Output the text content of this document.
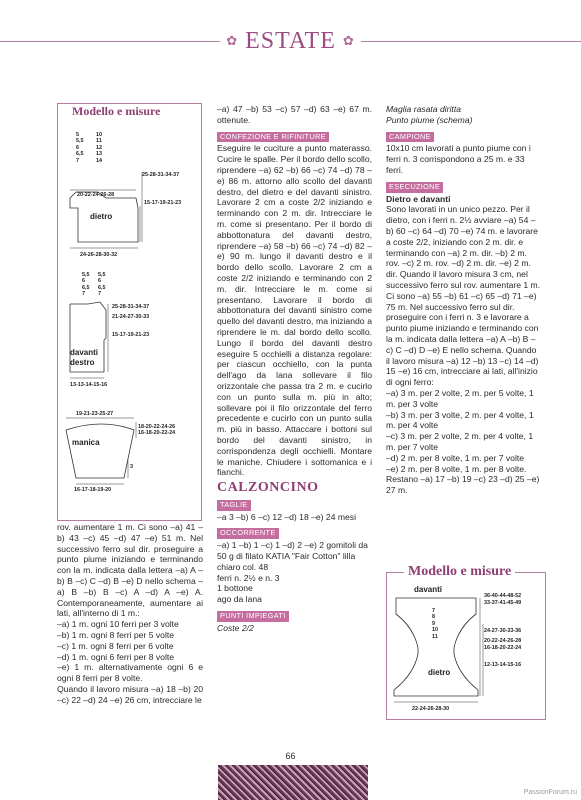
✿ ESTATE ✿
Modello e misure
5
5,5
6
6,5
7
10
11
12
13
14
25-28-31-34-37
20-22-24-26-28
15-17-19-21-23
dietro
24-26-28-30-32
5,5
6
6,5
7
5,5
6
6,5
7
25-28-31-34-37
21-24-27-30-33
15-17-19-21-23
davanti destro
13-13-14-15-16
19-21-23-25-27
18-20-22-24-26
16-18-20-22-24
manica
3
16-17-18-19-20

rov. aumentare 1 m. Ci sono –a) 41 –b) 43 –c) 45 –d) 47 –e) 51 m. Nel successivo ferro sul dir. proseguire a punto piume iniziando e terminando con la m. indicata dalla lettera –a) A –b) B –c) C –d) B –e) D nello schema –a) B –b) B –c) A –d) A –e) A. Contemporaneamente, aumentare ai lati, all'interno di 1 m.:

–a) 1 m. ogni 10 ferri per 3 volte

–b) 1 m. ogni 8 ferri per 5 volte

–c) 1 m. ogni 8 ferri per 6 volte

–d) 1 m. ogni 6 ferri per 8 volte

–e) 1 m. alternativamente ogni 6 e ogni 8 ferri per 8 volte.

Quando il lavoro misura –a) 18 –b) 20 –c) 22 –d) 24 –e) 26 cm, intrecciare le

–a) 47 –b) 53 –c) 57 –d) 63 –e) 67 m. ottenute.

CONFEZIONE E RIFINITURE

Eseguire le cuciture a punto materasso. Cucire le spalle. Per il bordo dello scollo, riprendere –a) 62 –b) 66 –c) 74 –d) 78 –e) 86 m. attorno allo scollo del davanti destro, del dietro e del davanti sinistro. Lavorare 2 cm a coste 2/2 iniziando e terminando con 2 m. dir. Intrecciare le m. come si presentano. Per il bordo di abbottonatura del davanti destro, riprendere –a) 58 –b) 66 –c) 74 –d) 82 –e) 90 m. lungo il davanti destro e il bordo dello scollo. Lavorare 2 cm a coste 2/2 iniziando e terminando con 2 m. dir. Intrecciare le m. come si presentano. Lavorare il bordo di abbottonatura del davanti sinistro come quello del davanti destro, ma iniziando a riprendere le m. dal bordo dello scollo. Lungo il bordo del davanti destro eseguire 5 occhielli a distanza regolare: per ciascun occhiello, con la punta dell'ago da lana sollevare il filo orizzontale che passa tra 2 m. e cucirlo con un punto sulla m. più in alto; sollevare poi il filo orizzontale del ferro precedente e cucirlo con un punto sulla m. più in basso. Attaccare i bottoni sul bordo del davanti sinistro, in corrispondenza degli occhielli. Montare le maniche. Chiudere i sottomanica e i fianchi.

CALZONCINO
TAGLIE

–a 3 –b) 6 –c) 12 –d) 18 –e) 24 mesi

OCCORRENTE

–a) 1 –b) 1 –c) 1 –d) 2 –e) 2 gomitoli da 50 g di filato KATIA "Fair Cotton" lilla chiaro col. 48

ferri n. 2½ e n. 3

1 bottone

ago da lana

PUNTI IMPIEGATI

Coste 2/2

Maglia rasata diritta

Punto piume (schema)

CAMPIONE

10x10 cm lavorati a punto piume con i ferri n. 3 corrispondono a 25 m. e 33 ferri.

ESECUZIONE

Dietro e davanti

Sono lavorati in un unico pezzo. Per il dietro, con i ferri n. 2½ avviare –a) 54 –b) 60 –c) 64 –d) 70 –e) 74 m. e lavorare a coste 2/2, iniziando con 2 m. dir. e terminando con –a) 2 m. dir. –b) 2 m. rov. –c) 2 m. rov. –d) 2 m. dir. –e) 2 m. dir. Quando il lavoro misura 3 cm, nel successivo ferro sul rov. aumentare 1 m. Ci sono –a) 55 –b) 61 –c) 65 –d) 71 –e) 75 m. Nel successivo ferro sul dir. proseguire con i ferri n. 3 e lavorare a punto piume iniziando e terminando con la m. indicata dalla lettera –a) A –b) B –c) C –d) D –e) E nello schema. Quando il lavoro misura –a) 12 –b) 13 –c) 14 –d) 15 –e) 16 cm, intrecciare ai lati, all'inizio di ogni ferro:

–a) 3 m. per 2 volte, 2 m. per 5 volte, 1 m. per 3 volte

–b) 3 m. per 3 volte, 2 m. per 4 volte, 1 m. per 4 volte

–c) 3 m. per 2 volte, 2 m. per 4 volte, 1 m. per 7 volte

–d) 2 m. per 8 volte, 1 m. per 7 volte

–e) 2 m. per 8 volte, 1 m. per 8 volte.

Restano –a) 17 –b) 19 –c) 23 –d) 25 –e) 27 m.

Modello e misure
davanti
36-40-44-48-52
33-37-41-45-49
7
8
9
10
11
24-27-30-33-36
20-22-24-26-28
16-18-20-22-24
12-13-14-15-16
dietro
22-24-26-28-30
66
PassionForum.ru
